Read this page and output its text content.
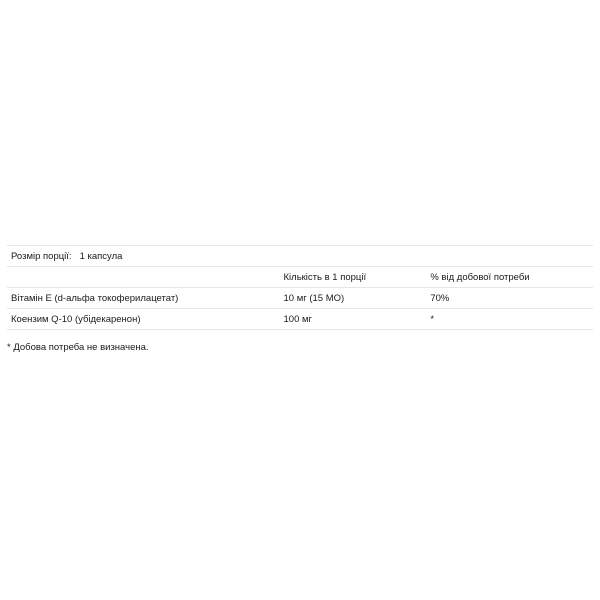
Розмір порції: 1 капсула		
	Кількість в 1 порції	% від добової потреби
Вітамін Е (d-альфа токоферилацетат)	10 мг (15 МО)	70%
Коензим Q-10 (убідекаренон)	100 мг	*

* Добова потреба не визначена.
